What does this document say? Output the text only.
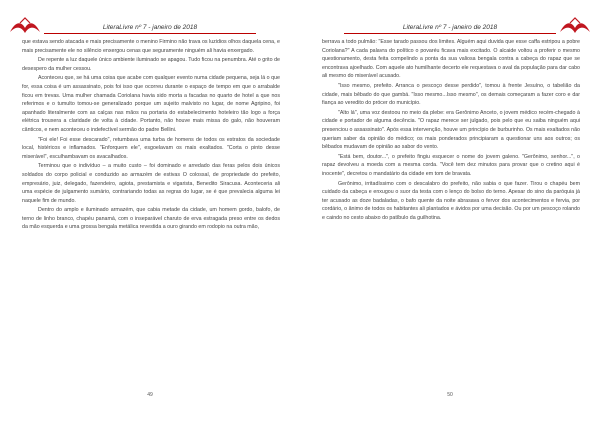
LiteraLivre nº 7 - janeiro de 2018

que estava sendo atacada e mais precisamente o menino Firmino não trava os luzidios olhos daquela cena, e mais precisamente ele no silêncio enxergou cenas que seguramente ninguém ali havia enxergado.

De repente a luz daquele único ambiente iluminado se apagou. Tudo ficou na penumbra. Até o grito de desespero da mulher cessou.

Aconteceu que, se há uma coisa que acabe com qualquer evento numa cidade pequena, seja lá o que for, essa coisa é um assassinato, pois foi isso que ocorreu durante o espaço de tempo em que o arrabalde ficou em trevas. Uma mulher chamada Coriolana havia sido morta a facadas no quarto de hotel a que nos referimos e o tumulto tomou-se generalizado porque um sujeito malvisto no lugar, de nome Agripino, foi apanhado literalmente com as calças nas mãos na portaria do estabelecimento hoteleiro tão logo a força elétrica trouxera a claridade de volta à cidade. Portanto, não houve mais missa do galo, não houveram cânticos, e nem aconteceu o indefectível sermão do padre Bellini.

"Foi ele! Foi esse descarado", retumbava uma turba de homens de todos os estratos da sociedade local, histéricos e inflamados. "Enforquem ele", esgoelavam os mais exaltados. "Corta o pinto desse miserável", esculhambavam os avacalhados.

Terminou que o indivíduo – a muito custo – foi dominado e arredado das feras pelos dois únicos soldados do corpo policial e conduzido ao armazém de estivas O colossal, de propriedade do prefeito, empresário, juiz, delegado, fazendeiro, agiota, prestamista e vigarista, Benedito Siracusa. Aconteceria ali uma espécie de julgamento sumário, contrariando todas as regras do lugar, se é que prevalecia alguma lei naquele fim de mundo.

Dentro do amplo e iluminado armazém, que cabia metade da cidade, um homem gordo, balofo, de terno de linho branco, chapéu panamá, com o inseparável charuto de erva estragada preso entre os dedos da mão esquerda e uma grossa bengala metálica revestida a ouro girando em rodopio na outra mão,

49
LiteraLivre nº 7 - janeiro de 2018

berrava a todo pulmão: "Esse tarado passou dos limites. Alguém aqui duvida que esse caffa estripou a pobre Coriolana?" A cada palavra do político o povaréu ficava mais excitado. O alcaide voltou a proferir o mesmo questionamento, desta feita compelindo a ponta da sua valiosa bengala contra a cabeça do rapaz que se encontrava ajoelhado. Com aquele ato humilhante decerto ele requestava o aval da população para dar cabo ali mesmo do miserável acusado.

"Isso mesmo, prefeito. Arranca o pescoço desse perdido", tomou à frente Jesuíno, o tabelião da cidade, mais bêbado do que gambá. "Isso mesmo...Isso mesmo", os demais começaram a fazer coro e dar fiança ao veredito do prócer do município.

"Alto lá", uma voz destoou no meio da plebe: era Gerônimo Anceto, o jovem médico recém-chegado à cidade e portador de alguma decência. "O rapaz merece ser julgado, pois pelo que eu saiba ninguém aqui presenciou o assassinato". Após essa intervenção, houve um princípio de burburinho. Os mais exaltados não queriam saber da opinião do médico; os mais ponderados principiaram a questionar uns aos outros; os bêbados mudavam de opinião ao sabor do vento.

"Está bem, doutor...", o prefeito fingiu esquecer o nome do jovem galeno. "Gerônimo, senhor...", o rapaz devolveu a moeda com a mesma corda. "Você tem dez minutos para provar que o cretino aqui é inocente", decretou o mandatário da cidade em tom de bravata.

Gerônimo, irritadíssimo com o descalabro do prefeito, não sabia o que fazer. Tirou o chapéu bem cuidado da cabeça e enxugou o suor da testa com o lenço do bolso do terno. Apesar do sino da paróquia já ter acusado as doze badaladas, o bafo quente da noite abrasava o fervor dos acontecimentos e fervia, por cordário, o ânimo de todos os habitantes ali plantados e ávidos por uma decisão. Ou por um pescoço rolando e caindo no cesto abaixo do patíbulo da guilhotina.

50
